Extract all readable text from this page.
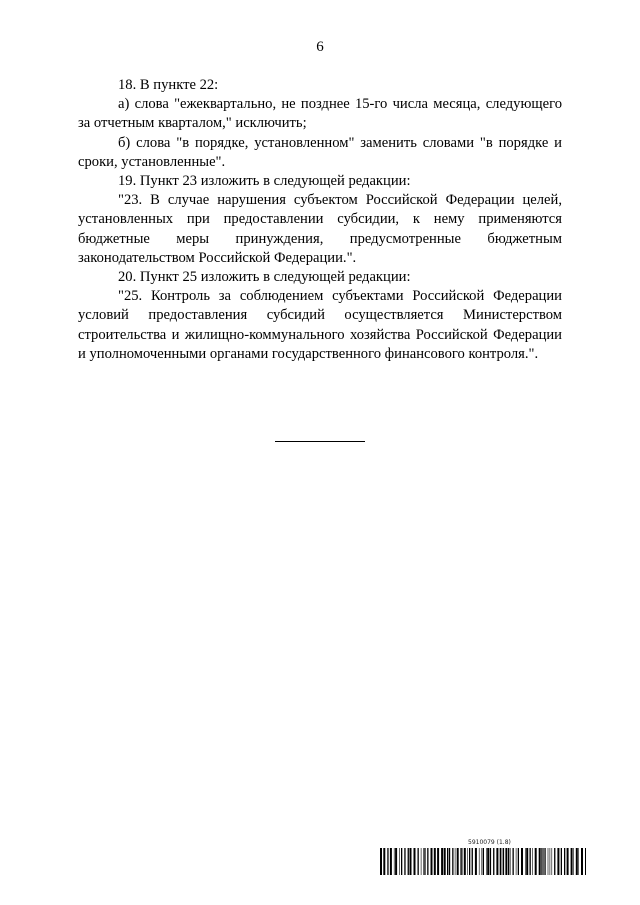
6

18. В пункте 22:

а) слова "ежеквартально, не позднее 15-го числа месяца, следующего за отчетным кварталом," исключить;

б) слова "в порядке, установленном" заменить словами "в порядке и сроки, установленные".

19. Пункт 23 изложить в следующей редакции:

"23. В случае нарушения субъектом Российской Федерации целей, установленных при предоставлении субсидии, к нему применяются бюджетные меры принуждения, предусмотренные бюджетным законодательством Российской Федерации.".

20. Пункт 25 изложить в следующей редакции:

"25. Контроль за соблюдением субъектами Российской Федерации условий предоставления субсидий осуществляется Министерством строительства и жилищно-коммунального хозяйства Российской Федерации и уполномоченными органами государственного финансового контроля.".

5910079 (1.8)
